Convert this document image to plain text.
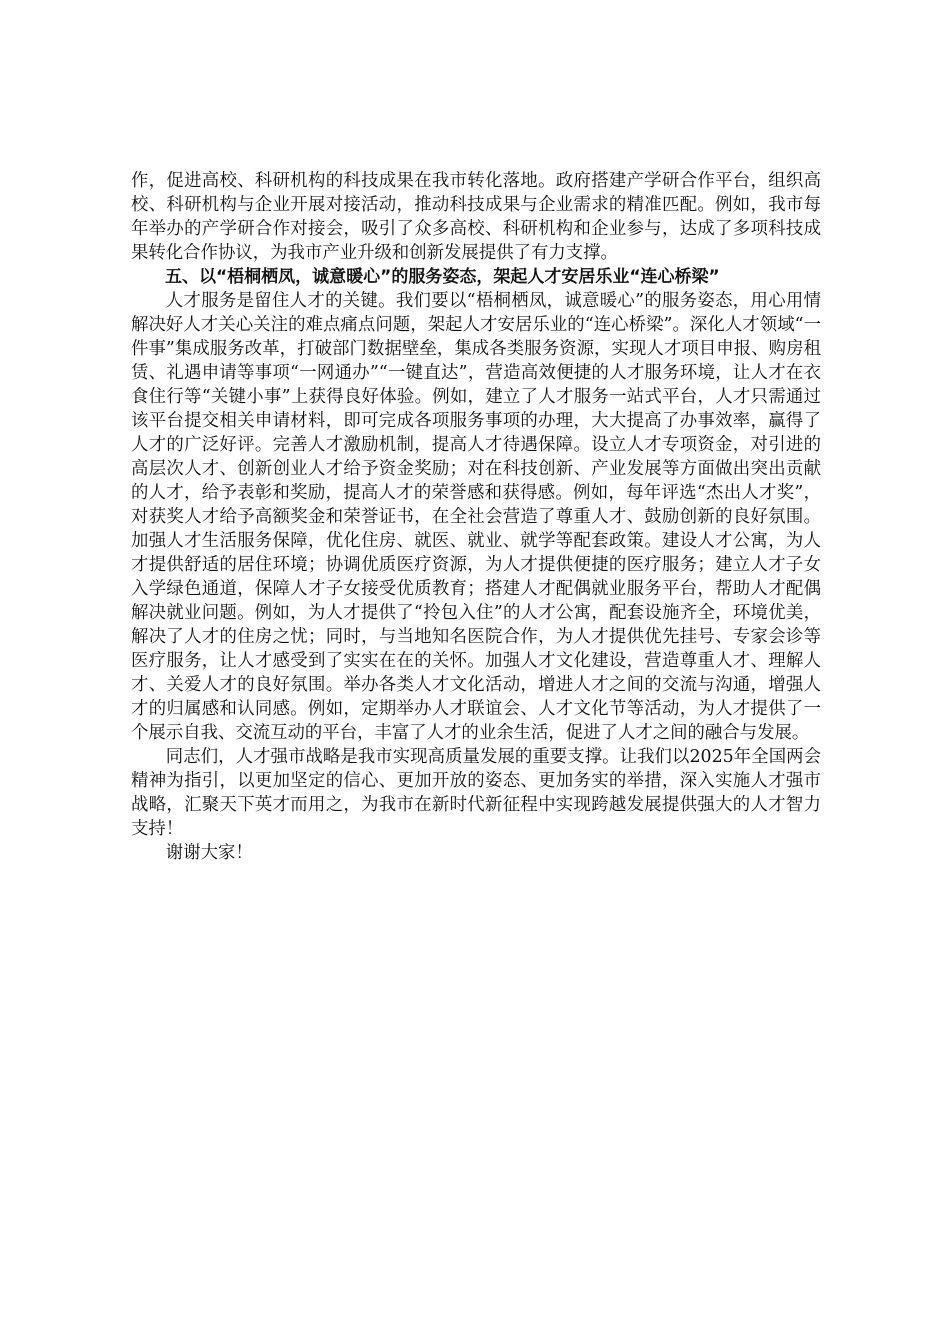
作，促进高校、科研机构的科技成果在我市转化落地。政府搭建产学研合作平台，组织高校、科研机构与企业开展对接活动，推动科技成果与企业需求的精准匹配。例如，我市每年举办的产学研合作对接会，吸引了众多高校、科研机构和企业参与，达成了多项科技成果转化合作协议，为我市产业升级和创新发展提供了有力支撑。

五、以“梧桐栖凤，诚意暖心”的服务姿态，架起人才安居乐业“连心桥梁”

人才服务是留住人才的关键。我们要以“梧桐栖凤，诚意暖心”的服务姿态，用心用情解决好人才关心关注的难点痛点问题，架起人才安居乐业的“连心桥梁”。深化人才领域“一件事”集成服务改革，打破部门数据壁垒，集成各类服务资源，实现人才项目申报、购房租赁、礼遇申请等事项“一网通办”“一键直达”，营造高效便捷的人才服务环境，让人才在衣食住行等“关键小事”上获得良好体验。例如，建立了人才服务一站式平台，人才只需通过该平台提交相关申请材料，即可完成各项服务事项的办理，大大提高了办事效率，赢得了人才的广泛好评。完善人才激励机制，提高人才待遇保障。设立人才专项资金，对引进的高层次人才、创新创业人才给予资金奖励；对在科技创新、产业发展等方面做出突出贡献的人才，给予表彰和奖励，提高人才的荣誉感和获得感。例如，每年评选“杰出人才奖”，对获奖人才给予高额奖金和荣誉证书，在全社会营造了尊重人才、鼓励创新的良好氛围。加强人才生活服务保障，优化住房、就医、就业、就学等配套政策。建设人才公寓，为人才提供舒适的居住环境；协调优质医疗资源，为人才提供便捷的医疗服务；建立人才子女入学绿色通道，保障人才子女接受优质教育；搭建人才配偶就业服务平台，帮助人才配偶解决就业问题。例如，为人才提供了“拎包入住”的人才公寓，配套设施齐全，环境优美，解决了人才的住房之忧；同时，与当地知名医院合作，为人才提供优先挂号、专家会诊等医疗服务，让人才感受到了实实在在的关怀。加强人才文化建设，营造尊重人才、理解人才、关爱人才的良好氛围。举办各类人才文化活动，增进人才之间的交流与沟通，增强人才的归属感和认同感。例如，定期举办人才联谊会、人才文化节等活动，为人才提供了一个展示自我、交流互动的平台，丰富了人才的业余生活，促进了人才之间的融合与发展。

同志们，人才强市战略是我市实现高质量发展的重要支撑。让我们以2025年全国两会精神为指引，以更加坚定的信心、更加开放的姿态、更加务实的举措，深入实施人才强市战略，汇聚天下英才而用之，为我市在新时代新征程中实现跨越发展提供强大的人才智力支持！

谢谢大家！
